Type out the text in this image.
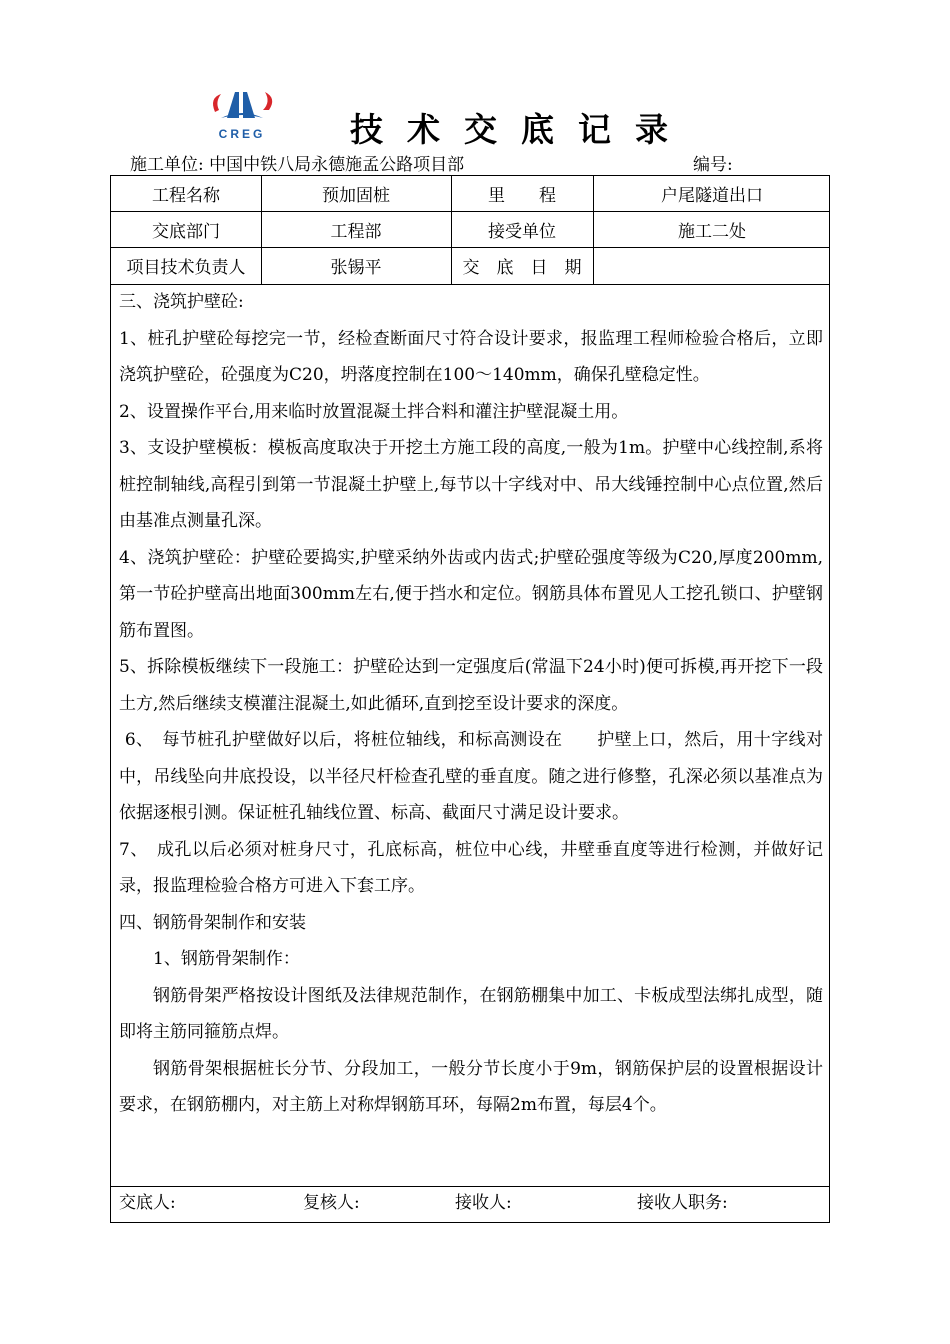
CREG	技术交底记录
施工单位: 中国中铁八局永德施孟公路项目部	编号:
工程名称	预加固桩	里　　程	户尾隧道出口
交底部门	工程部	接受单位	施工二处
项目技术负责人	张锡平	交　底　日　期

三、浇筑护壁砼:

1、桩孔护壁砼每挖完一节，经检查断面尺寸符合设计要求，报监理工程师检验合格后，立即浇筑护壁砼，砼强度为C20，坍落度控制在100～140mm，确保孔壁稳定性。

2、设置操作平台,用来临时放置混凝土拌合料和灌注护壁混凝土用。

3、支设护壁模板：模板高度取决于开挖土方施工段的高度,一般为1m。护壁中心线控制,系将桩控制轴线,高程引到第一节混凝土护壁上,每节以十字线对中、吊大线锤控制中心点位置,然后由基准点测量孔深。

4、浇筑护壁砼：护壁砼要捣实,护壁采纳外齿或内齿式;护壁砼强度等级为C20,厚度200mm,第一节砼护壁高出地面300mm左右,便于挡水和定位。钢筋具体布置见人工挖孔锁口、护壁钢筋布置图。

5、拆除模板继续下一段施工：护壁砼达到一定强度后(常温下24小时)便可拆模,再开挖下一段土方,然后继续支模灌注混凝土,如此循环,直到挖至设计要求的深度。

6、　每节桩孔护壁做好以后，将桩位轴线，和标高测设在　　护壁上口，然后，用十字线对中，吊线坠向井底投设，以半径尺杆检查孔壁的垂直度。随之进行修整，孔深必须以基准点为依据逐根引测。保证桩孔轴线位置、标高、截面尺寸满足设计要求。

7、　成孔以后必须对桩身尺寸，孔底标高，桩位中心线，井壁垂直度等进行检测，并做好记录，报监理检验合格方可进入下套工序。

四、钢筋骨架制作和安装

1、钢筋骨架制作：

钢筋骨架严格按设计图纸及法律规范制作，在钢筋棚集中加工、卡板成型法绑扎成型，随即将主筋同箍筋点焊。

钢筋骨架根据桩长分节、分段加工，一般分节长度小于9m，钢筋保护层的设置根据设计要求，在钢筋棚内，对主筋上对称焊钢筋耳环，每隔2m布置，每层4个。

交底人:	复核人:	接收人:	接收人职务:
